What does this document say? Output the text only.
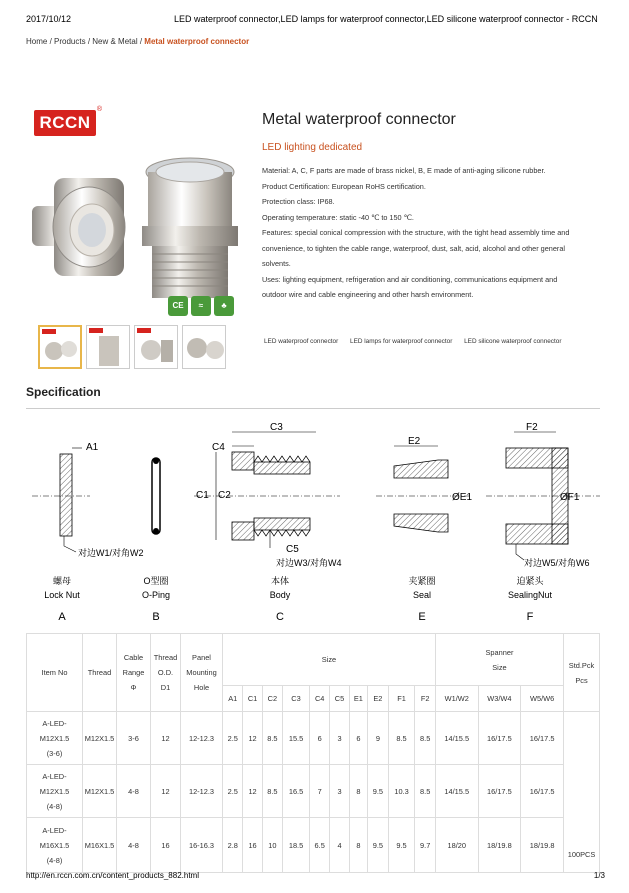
2017/10/12	LED waterproof connector,LED lamps for waterproof connector,LED silicone waterproof connector - RCCN
Home / Products / New & Metal / Metal waterproof connector
RCCN
®
CE	≈	♣
Metal waterproof connector
LED lighting dedicated

Material: A, C, F parts are made of brass nickel, B, E made of anti-aging silicone rubber.

Product Certification: European RoHS certification.

Protection class: IP68.

Operating temperature: static -40 ℃ to 150 ℃.

Features: special conical compression with the structure, with the tight head assembly time and convenience, to tighten the cable range, waterproof, dust, salt, acid, alcohol and other general solvents.

Uses: lighting equipment, refrigeration and air conditioning, communications equipment and outdoor wire and cable engineering and other harsh environment.

LED waterproof connector LED lamps for waterproof connector LED silicone waterproof connector
Specification
A1
对边W1/对角W2
C3
C4
C1 C2
C5
对边W3/对角W4
E2
ØE1
F2
ØF1
对边W5/对角W6
螺母
Lock Nut
A
O型圈
O-Ping
B
本体
Body
C
夹紧圈
Seal
E
迫紧头
SealingNut
F
Item No	Thread	Cable
Range
Φ	Thread
O.D.
D1	Panel
Mounting
Hole	Size										Spanner
Size			Std.Pck
Pcs
					A1	C1	C2	C3	C4	C5	E1	E2	F1	F2	W1/W2	W3/W4	W5/W6	
A-LED-
M12X1.5
(3-6)	M12X1.5	3-6	12	12-12.3	2.5	12	8.5	15.5	6	3	6	9	8.5	8.5	14/15.5	16/17.5	16/17.5	100PCS
A-LED-
M12X1.5
(4-8)	M12X1.5	4-8	12	12-12.3	2.5	12	8.5	16.5	7	3	8	9.5	10.3	8.5	14/15.5	16/17.5	16/17.5	
A-LED-
M16X1.5
(4-8)	M16X1.5	4-8	16	16-16.3	2.8	16	10	18.5	6.5	4	8	9.5	9.5	9.7	18/20	18/19.8	18/19.8	
http://en.rccn.com.cn/content_products_882.html	1/3
